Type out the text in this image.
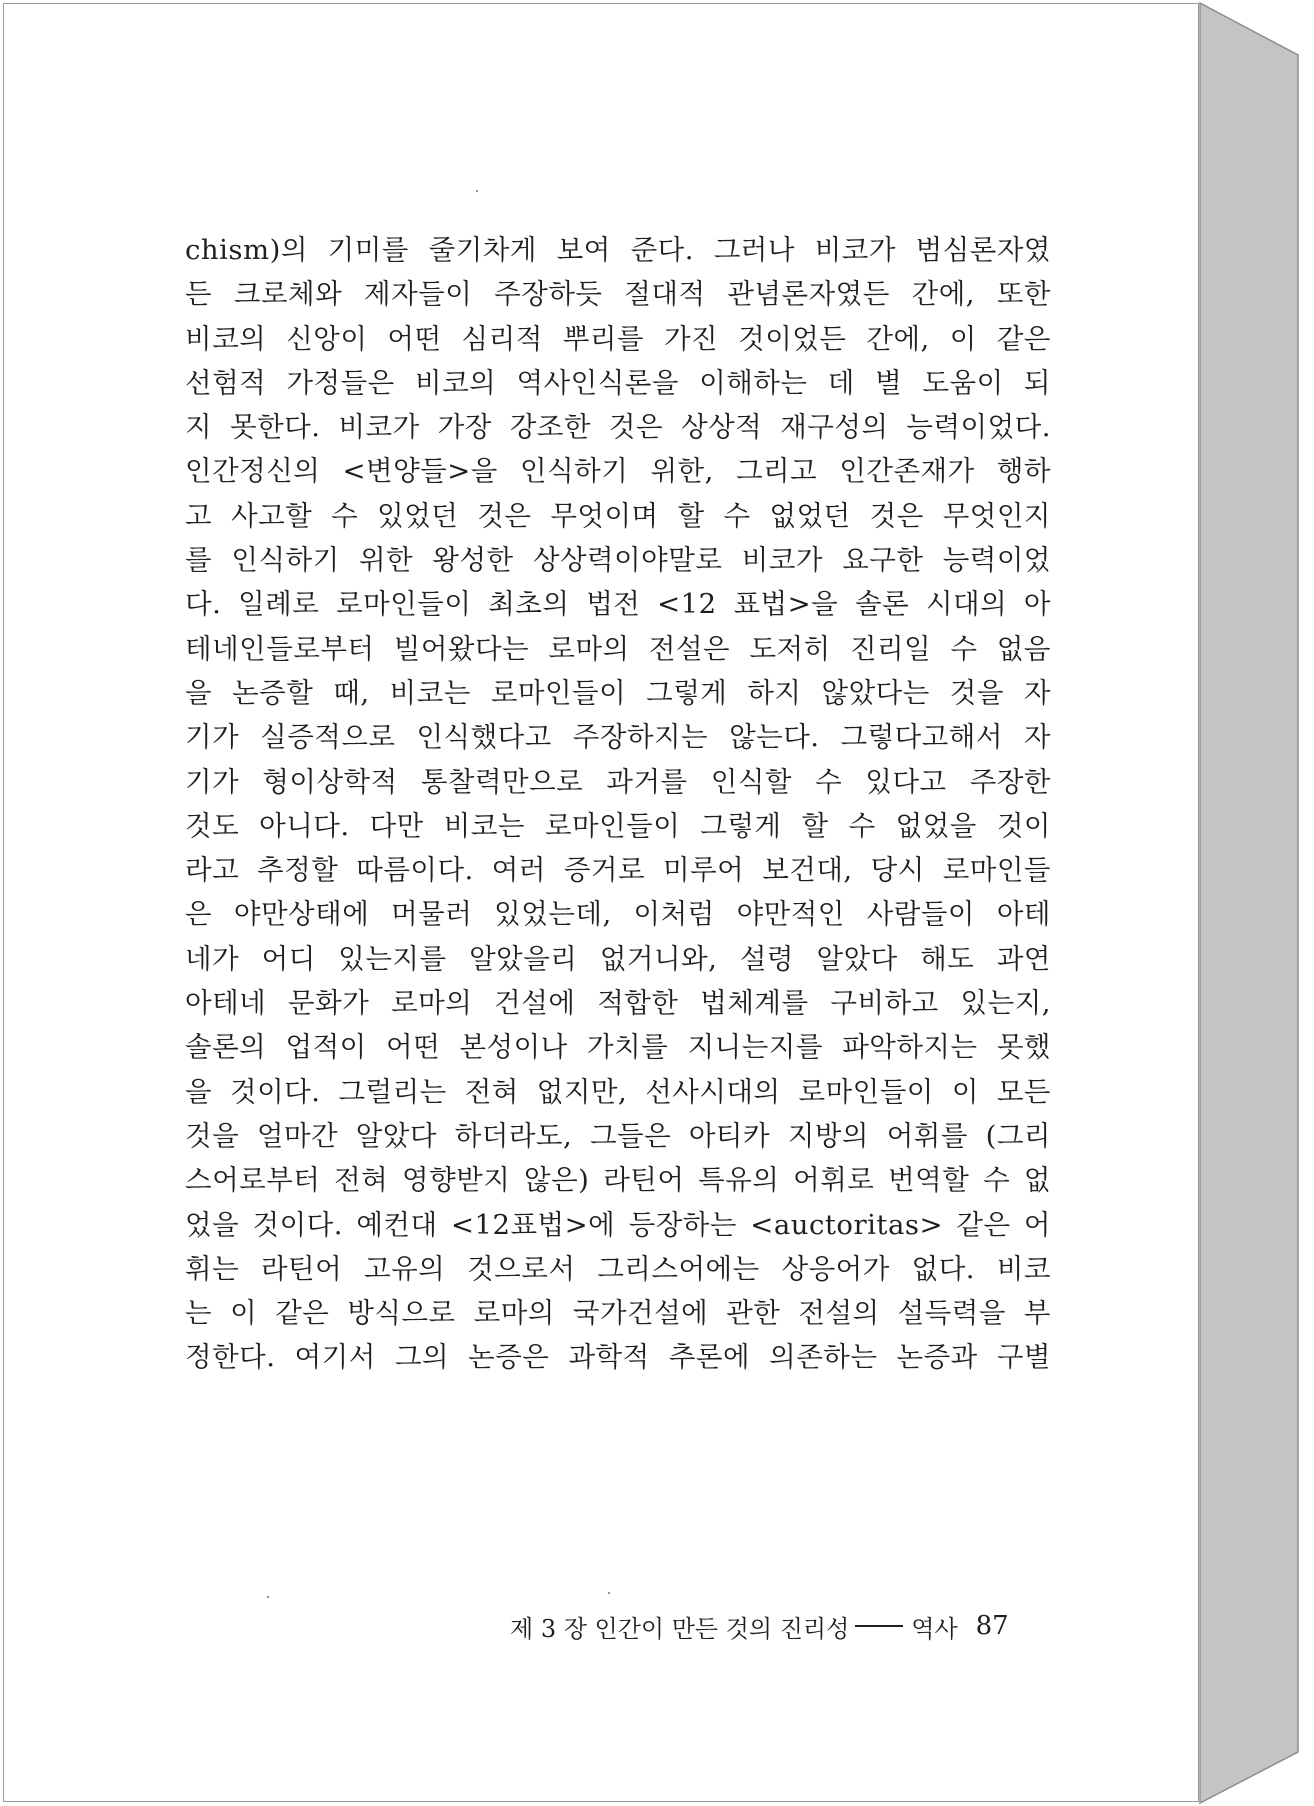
chism)의 기미를 줄기차게 보여 준다. 그러나 비코가 범심론자였
든 크로체와 제자들이 주장하듯 절대적 관념론자였든 간에, 또한
비코의 신앙이 어떤 심리적 뿌리를 가진 것이었든 간에, 이 같은
선험적 가정들은 비코의 역사인식론을 이해하는 데 별 도움이 되
지 못한다. 비코가 가장 강조한 것은 상상적 재구성의 능력이었다.
인간정신의 <변양들>을 인식하기 위한, 그리고 인간존재가 행하
고 사고할 수 있었던 것은 무엇이며 할 수 없었던 것은 무엇인지
를 인식하기 위한 왕성한 상상력이야말로 비코가 요구한 능력이었
다. 일례로 로마인들이 최초의 법전 <12 표법>을 솔론 시대의 아
테네인들로부터 빌어왔다는 로마의 전설은 도저히 진리일 수 없음
을 논증할 때, 비코는 로마인들이 그렇게 하지 않았다는 것을 자
기가 실증적으로 인식했다고 주장하지는 않는다. 그렇다고해서 자
기가 형이상학적 통찰력만으로 과거를 인식할 수 있다고 주장한
것도 아니다. 다만 비코는 로마인들이 그렇게 할 수 없었을 것이
라고 추정할 따름이다. 여러 증거로 미루어 보건대, 당시 로마인들
은 야만상태에 머물러 있었는데, 이처럼 야만적인 사람들이 아테
네가 어디 있는지를 알았을리 없거니와, 설령 알았다 해도 과연
아테네 문화가 로마의 건설에 적합한 법체계를 구비하고 있는지,
솔론의 업적이 어떤 본성이나 가치를 지니는지를 파악하지는 못했
을 것이다. 그럴리는 전혀 없지만, 선사시대의 로마인들이 이 모든
것을 얼마간 알았다 하더라도, 그들은 아티카 지방의 어휘를 (그리
스어로부터 전혀 영향받지 않은) 라틴어 특유의 어휘로 번역할 수 없
었을 것이다. 예컨대 <12표법>에 등장하는 <auctoritas> 같은 어
휘는 라틴어 고유의 것으로서 그리스어에는 상응어가 없다. 비코
는 이 같은 방식으로 로마의 국가건설에 관한 전설의 설득력을 부
정한다. 여기서 그의 논증은 과학적 추론에 의존하는 논증과 구별
제 3 장 인간이 만든 것의 진리성	역사 87
